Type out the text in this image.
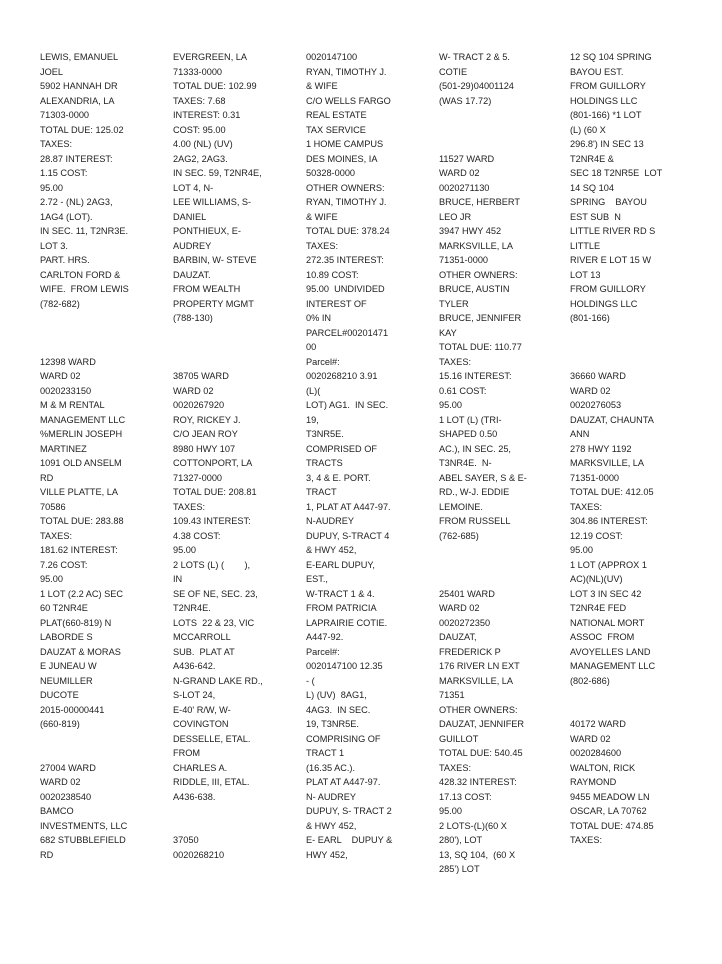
LEWIS, EMANUEL
JOEL
5902 HANNAH DR
ALEXANDRIA, LA
71303-0000
TOTAL DUE: 125.02
TAXES:
28.87 INTEREST:
1.15 COST:
95.00
2.72 - (NL) 2AG3,
1AG4 (LOT).
IN SEC. 11, T2NR3E.
LOT 3.
PART. HRS.
CARLTON FORD &
WIFE.  FROM LEWIS
(782-682)
12398 WARD
WARD 02
0020233150
M & M RENTAL
MANAGEMENT LLC
%MERLIN JOSEPH
MARTINEZ
1091 OLD ANSELM
RD
VILLE PLATTE, LA
70586
TOTAL DUE: 283.88
TAXES:
181.62 INTEREST:
7.26 COST:
95.00
1 LOT (2.2 AC) SEC
60 T2NR4E
PLAT(660-819) N
LABORDE S
DAUZAT & MORAS
E JUNEAU W
NEUMILLER
DUCOTE
2015-00000441
(660-819)
27004 WARD
WARD 02
0020238540
BAMCO
INVESTMENTS, LLC
682 STUBBLEFIELD
RD
EVERGREEN, LA
71333-0000
TOTAL DUE: 102.99
TAXES: 7.68
INTEREST: 0.31
COST: 95.00
4.00 (NL) (UV)
2AG2, 2AG3.
IN SEC. 59, T2NR4E,
LOT 4, N-
LEE WILLIAMS, S-
DANIEL
PONTHIEUX, E-
AUDREY
BARBIN, W- STEVE
DAUZAT.
FROM WEALTH
PROPERTY MGMT
(788-130)
38705 WARD
WARD 02
0020267920
ROY, RICKEY J.
C/O JEAN ROY
8980 HWY 107
COTTONPORT, LA
71327-0000
TOTAL DUE: 208.81
TAXES:
109.43 INTEREST:
4.38 COST:
95.00
2 LOTS (L) (        ),
IN
SE OF NE, SEC. 23,
T2NR4E.
LOTS  22 & 23, VIC
MCCARROLL
SUB.  PLAT AT
A436-642.
N-GRAND LAKE RD.,
S-LOT 24,
E-40' R/W, W-
COVINGTON
DESSELLE, ETAL.
FROM
CHARLES A.
RIDDLE, III, ETAL.
A436-638.
37050
0020268210
0020147100
RYAN, TIMOTHY J.
& WIFE
C/O WELLS FARGO
REAL ESTATE
TAX SERVICE
1 HOME CAMPUS
DES MOINES, IA
50328-0000
OTHER OWNERS:
RYAN, TIMOTHY J.
& WIFE
TOTAL DUE: 378.24
TAXES:
272.35 INTEREST:
10.89 COST:
95.00  UNDIVIDED
INTEREST OF
0% IN
PARCEL#00201471
00
Parcel#:
0020268210 3.91
(L)(
LOT) AG1.  IN SEC.
19,
T3NR5E.
COMPRISED OF
TRACTS
3, 4 & E. PORT.
TRACT
1, PLAT AT A447-97.
N-AUDREY
DUPUY, S-TRACT 4
& HWY 452,
E-EARL DUPUY,
EST.,
W-TRACT 1 & 4.
FROM PATRICIA
LAPRAIRIE COTIE.
A447-92.
Parcel#:
0020147100 12.35
- (
L) (UV)  8AG1,
4AG3.  IN SEC.
19, T3NR5E.
COMPRISING OF
TRACT 1
(16.35 AC.).
PLAT AT A447-97.
N- AUDREY
DUPUY, S- TRACT 2
& HWY 452,
E- EARL    DUPUY &
HWY 452,
W- TRACT 2 & 5.
COTIE
(501-29)04001124
(WAS 17.72)
11527 WARD
WARD 02
0020271130
BRUCE, HERBERT
LEO JR
3947 HWY 452
MARKSVILLE, LA
71351-0000
OTHER OWNERS:
BRUCE, AUSTIN
TYLER
BRUCE, JENNIFER
KAY
TOTAL DUE: 110.77
TAXES:
15.16 INTEREST:
0.61 COST:
95.00
1 LOT (L) (TRI-
SHAPED 0.50
AC.), IN SEC. 25,
T3NR4E.  N-
ABEL SAYER, S & E-
RD., W-J. EDDIE
LEMOINE.
FROM RUSSELL
(762-685)
25401 WARD
WARD 02
0020272350
DAUZAT,
FREDERICK P
176 RIVER LN EXT
MARKSVILLE, LA
71351
OTHER OWNERS:
DAUZAT, JENNIFER
GUILLOT
TOTAL DUE: 540.45
TAXES:
428.32 INTEREST:
17.13 COST:
95.00
2 LOTS-(L)(60 X
280'), LOT
13, SQ 104,  (60 X
285') LOT
12 SQ 104 SPRING
BAYOU EST.
FROM GUILLORY
HOLDINGS LLC
(801-166) *1 LOT
(L) (60 X
296.8') IN SEC 13
T2NR4E &
SEC 18 T2NR5E  LOT
14 SQ 104
SPRING    BAYOU
EST SUB  N
LITTLE RIVER RD S
LITTLE
RIVER E LOT 15 W
LOT 13
FROM GUILLORY
HOLDINGS LLC
(801-166)
36660 WARD
WARD 02
0020276053
DAUZAT, CHAUNTA
ANN
278 HWY 1192
MARKSVILLE, LA
71351-0000
TOTAL DUE: 412.05
TAXES:
304.86 INTEREST:
12.19 COST:
95.00
1 LOT (APPROX 1
AC)(NL)(UV)
LOT 3 IN SEC 42
T2NR4E FED
NATIONAL MORT
ASSOC  FROM
AVOYELLES LAND
MANAGEMENT LLC
(802-686)
40172 WARD
WARD 02
0020284600
WALTON, RICK
RAYMOND
9455 MEADOW LN
OSCAR, LA 70762
TOTAL DUE: 474.85
TAXES:
